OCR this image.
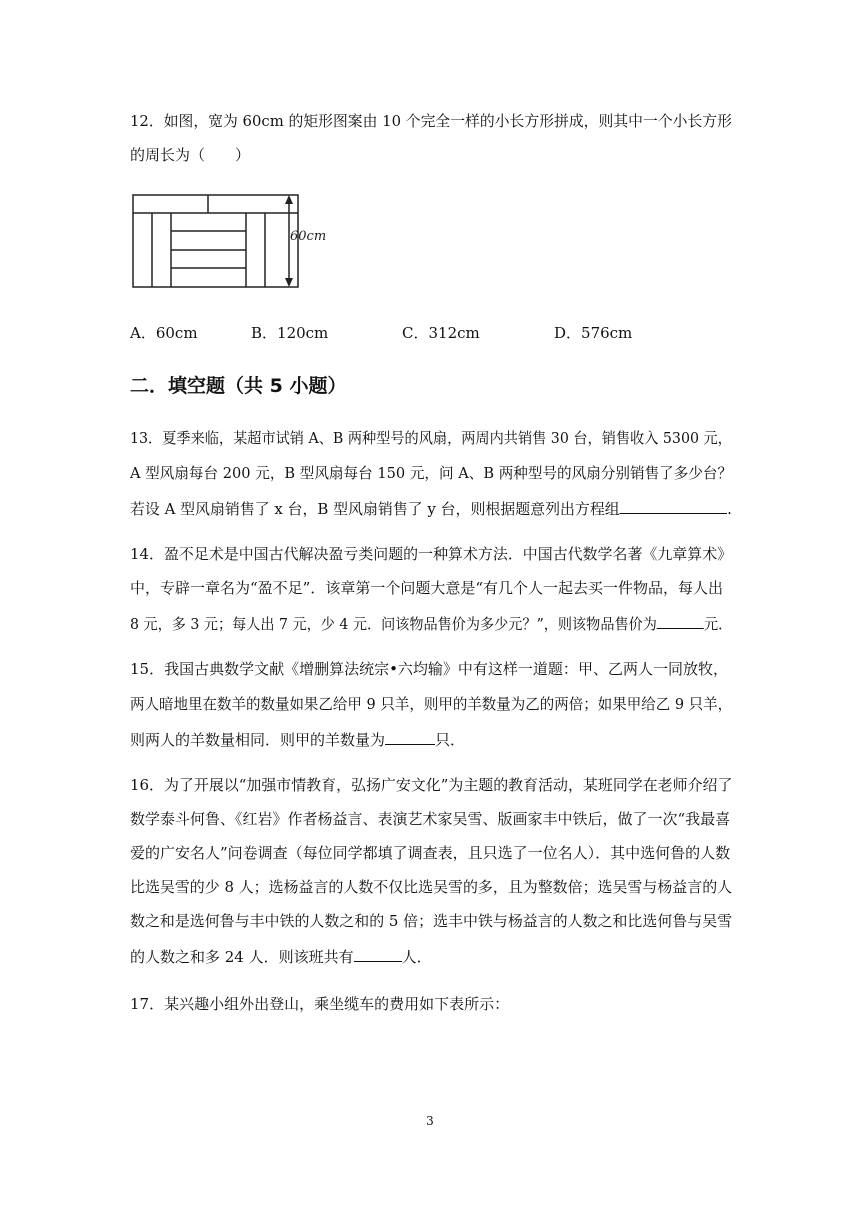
12．如图，宽为 60cm 的矩形图案由 10 个完全一样的小长方形拼成，则其中一个小长方形
的周长为（　　）
60cm
A．60cm	B．120cm	C．312cm	D．576cm
二．填空题（共 5 小题）
13．夏季来临，某超市试销 A、B 两种型号的风扇，两周内共销售 30 台，销售收入 5300 元，
A 型风扇每台 200 元，B 型风扇每台 150 元，问 A、B 两种型号的风扇分别销售了多少台？
若设 A 型风扇销售了 x 台，B 型风扇销售了 y 台，则根据题意列出方程组	.
14．盈不足术是中国古代解决盈亏类问题的一种算术方法．中国古代数学名著《九章算术》
中，专辟一章名为“盈不足”．该章第一个问题大意是“有几个人一起去买一件物品，每人出
8 元，多 3 元；每人出 7 元，少 4 元．问该物品售价为多少元？”，则该物品售价为	元．
15．我国古典数学文献《增删算法统宗•六均输》中有这样一道题：甲、乙两人一同放牧，
两人暗地里在数羊的数量如果乙给甲 9 只羊，则甲的羊数量为乙的两倍；如果甲给乙 9 只羊，
则两人的羊数量相同．则甲的羊数量为	只．
16．为了开展以“加强市情教育，弘扬广安文化”为主题的教育活动，某班同学在老师介绍了
数学泰斗何鲁、《红岩》作者杨益言、表演艺术家吴雪、版画家丰中铁后，做了一次“我最喜
爱的广安名人”问卷调查（每位同学都填了调查表，且只选了一位名人）．其中选何鲁的人数
比选吴雪的少 8 人；选杨益言的人数不仅比选吴雪的多，且为整数倍；选吴雪与杨益言的人
数之和是选何鲁与丰中铁的人数之和的 5 倍；选丰中铁与杨益言的人数之和比选何鲁与吴雪
的人数之和多 24 人．则该班共有	人．
17．某兴趣小组外出登山，乘坐缆车的费用如下表所示：
3
